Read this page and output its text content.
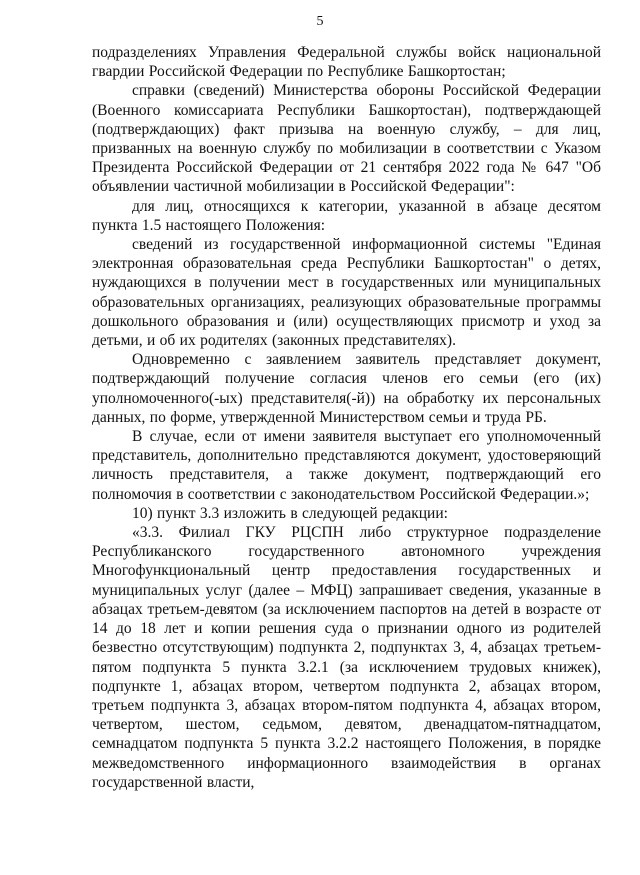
5

подразделениях Управления Федеральной службы войск национальной гвардии Российской Федерации по Республике Башкортостан;

справки (сведений) Министерства обороны Российской Федерации (Военного комиссариата Республики Башкортостан), подтверждающей (подтверждающих) факт призыва на военную службу, – для лиц, призванных на военную службу по мобилизации в соответствии с Указом Президента Российской Федерации от 21 сентября 2022 года № 647 "Об объявлении частичной мобилизации в Российской Федерации":

для лиц, относящихся к категории, указанной в абзаце десятом пункта 1.5 настоящего Положения:

сведений из государственной информационной системы "Единая электронная образовательная среда Республики Башкортостан" о детях, нуждающихся в получении мест в государственных или муниципальных образовательных организациях, реализующих образовательные программы дошкольного образования и (или) осуществляющих присмотр и уход за детьми, и об их родителях (законных представителях).

Одновременно с заявлением заявитель представляет документ, подтверждающий получение согласия членов его семьи (его (их) уполномоченного(-ых) представителя(-й)) на обработку их персональных данных, по форме, утвержденной Министерством семьи и труда РБ.

В случае, если от имени заявителя выступает его уполномоченный представитель, дополнительно представляются документ, удостоверяющий личность представителя, а также документ, подтверждающий его полномочия в соответствии с законодательством Российской Федерации.»;

10) пункт 3.3 изложить в следующей редакции:

«3.3. Филиал ГКУ РЦСПН либо структурное подразделение Республиканского государственного автономного учреждения Многофункциональный центр предоставления государственных и муниципальных услуг (далее – МФЦ) запрашивает сведения, указанные в абзацах третьем-девятом (за исключением паспортов на детей в возрасте от 14 до 18 лет и копии решения суда о признании одного из родителей безвестно отсутствующим) подпункта 2, подпунктах 3, 4, абзацах третьем-пятом подпункта 5 пункта 3.2.1 (за исключением трудовых книжек), подпункте 1, абзацах втором, четвертом подпункта 2, абзацах втором, третьем подпункта 3, абзацах втором-пятом подпункта 4, абзацах втором, четвертом, шестом, седьмом, девятом, двенадцатом-пятнадцатом, семнадцатом подпункта 5 пункта 3.2.2 настоящего Положения, в порядке межведомственного информационного взаимодействия в органах государственной власти,
